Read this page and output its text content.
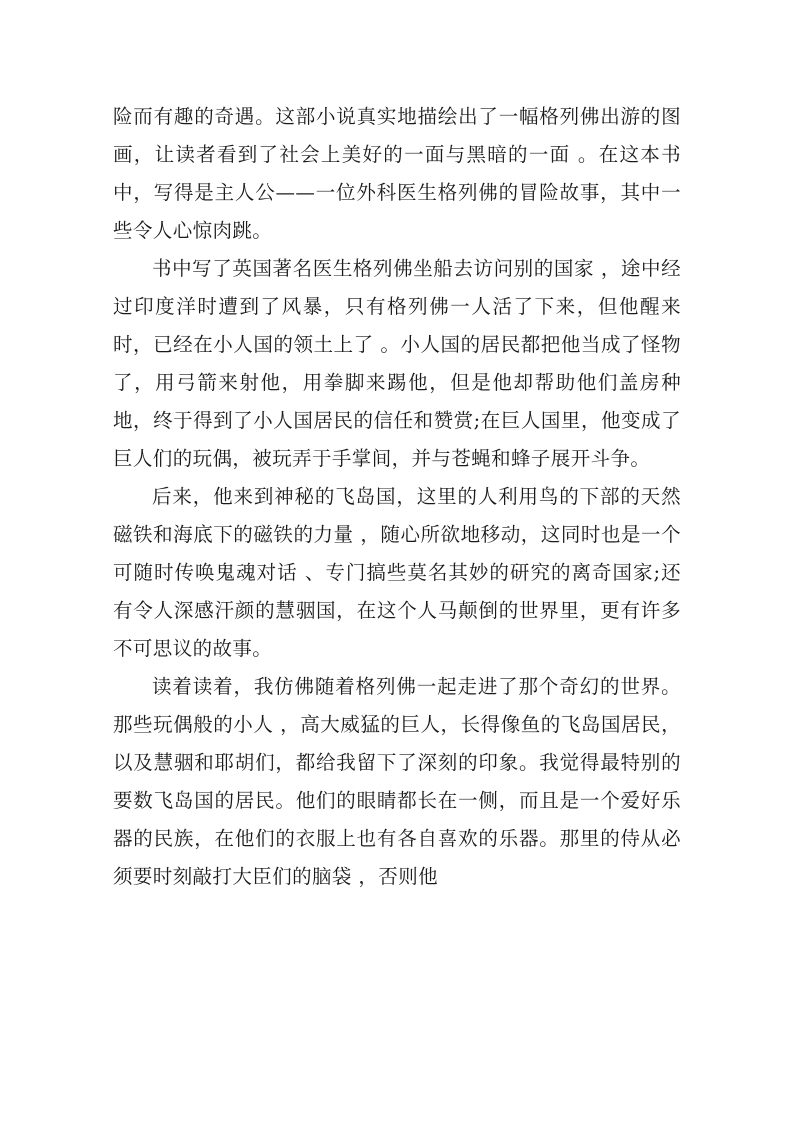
险而有趣的奇遇。这部小说真实地描绘出了一幅格列佛出游的图画，让读者看到了社会上美好的一面与黑暗的一面 。在这本书中，写得是主人公——一位外科医生格列佛的冒险故事，其中一些令人心惊肉跳。

书中写了英国著名医生格列佛坐船去访问别的国家 ，途中经过印度洋时遭到了风暴，只有格列佛一人活了下来，但他醒来时，已经在小人国的领土上了 。小人国的居民都把他当成了怪物了，用弓箭来射他，用拳脚来踢他，但是他却帮助他们盖房种地，终于得到了小人国居民的信任和赞赏;在巨人国里，他变成了巨人们的玩偶，被玩弄于手掌间，并与苍蝇和蜂子展开斗争。

后来，他来到神秘的飞岛国，这里的人利用鸟的下部的天然磁铁和海底下的磁铁的力量 ，随心所欲地移动，这同时也是一个可随时传唤鬼魂对话 、专门搞些莫名其妙的研究的离奇国家;还有令人深感汗颜的慧骃国，在这个人马颠倒的世界里，更有许多不可思议的故事。

读着读着，我仿佛随着格列佛一起走进了那个奇幻的世界。那些玩偶般的小人 ，高大威猛的巨人，长得像鱼的飞岛国居民，以及慧骃和耶胡们，都给我留下了深刻的印象。我觉得最特别的要数飞岛国的居民。他们的眼睛都长在一侧，而且是一个爱好乐器的民族，在他们的衣服上也有各自喜欢的乐器。那里的侍从必须要时刻敲打大臣们的脑袋 ，否则他
